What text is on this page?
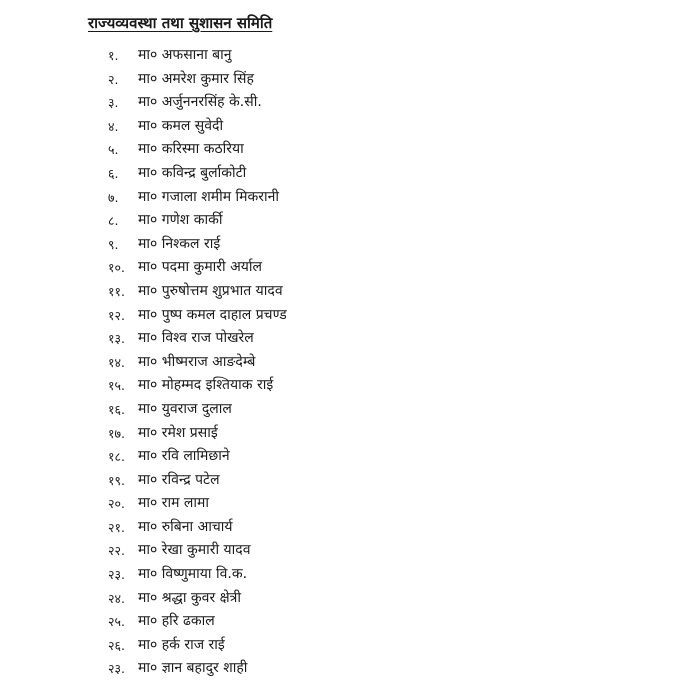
राज्यव्यवस्था तथा सुशासन समिति
१.	मा० अफसाना बानु
२.	मा० अमरेश कुमार सिंह
३.	मा० अर्जुननरसिंह के.सी.
४.	मा० कमल सुवेदी
५.	मा० करिस्मा कठरिया
६.	मा० कविन्द्र बुर्लाकोटी
७.	मा० गजाला शमीम मिकरानी
८.	मा० गणेश कार्की
९.	मा० निश्कल राई
१०. मा० पदमा कुमारी अर्याल
११. मा० पुरुषोत्तम शुप्रभात यादव
१२. मा० पुष्प कमल दाहाल प्रचण्ड
१३. मा० विश्व राज पोखरेल
१४. मा० भीष्मराज आङदेम्बे
१५. मा० मोहम्मद इश्तियाक राई
१६. मा० युवराज दुलाल
१७. मा० रमेश प्रसाई
१८. मा० रवि लामिछाने
१९. मा० रविन्द्र पटेल
२०. मा० राम लामा
२१. मा० रुबिना आचार्य
२२. मा० रेखा कुमारी यादव
२३. मा० विष्णुमाया वि.क.
२४. मा० श्रद्धा कुवर क्षेत्री
२५. मा० हरि ढकाल
२६. मा० हर्क राज राई
२३. मा० ज्ञान बहादुर शाही
